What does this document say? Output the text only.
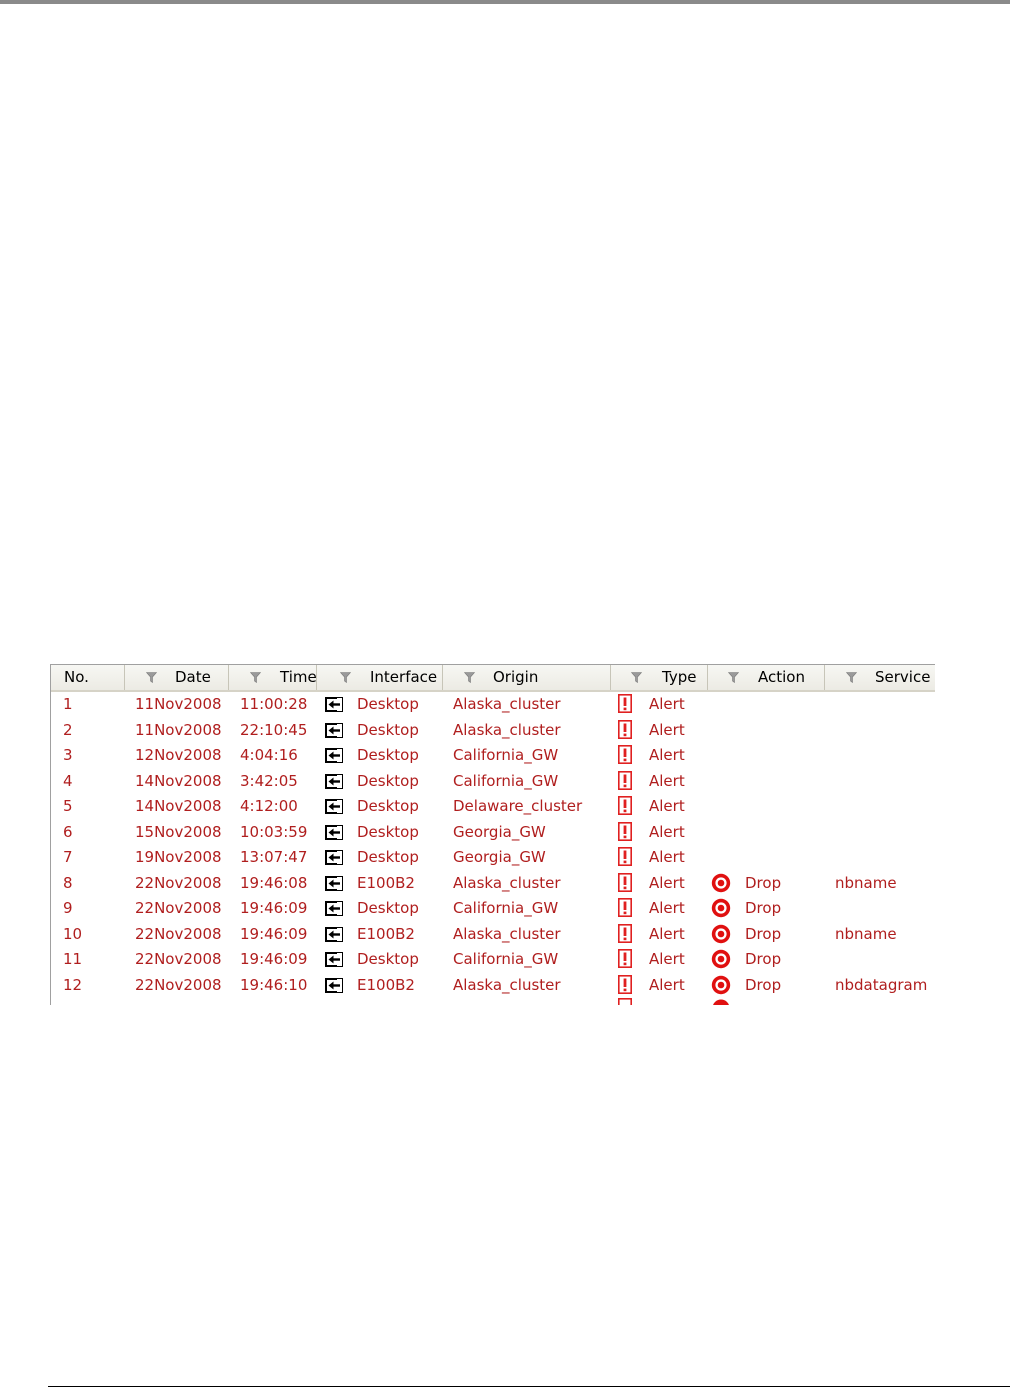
No.	Date	Time	Interface	Origin	Type	Action	Service
1	11Nov2008 11:00:28	Desktop Alaska_cluster	Alert
2	11Nov2008 22:10:45	Desktop Alaska_cluster	Alert
3	12Nov2008 4:04:16	Desktop California_GW	Alert
4	14Nov2008 3:42:05	Desktop California_GW	Alert
5	14Nov2008 4:12:00	Desktop Delaware_cluster	Alert
6	15Nov2008 10:03:59	Desktop Georgia_GW	Alert
7	19Nov2008 13:07:47	Desktop Georgia_GW	Alert
8	22Nov2008 19:46:08	E100B2	Alaska_cluster	Alert	Drop	nbname
9	22Nov2008 19:46:09	Desktop California_GW	Alert	Drop
10	22Nov2008 19:46:09	E100B2	Alaska_cluster	Alert	Drop	nbname
11	22Nov2008 19:46:09	Desktop California_GW	Alert	Drop
12	22Nov2008 19:46:10	E100B2	Alaska_cluster	Alert	Drop	nbdatagram
